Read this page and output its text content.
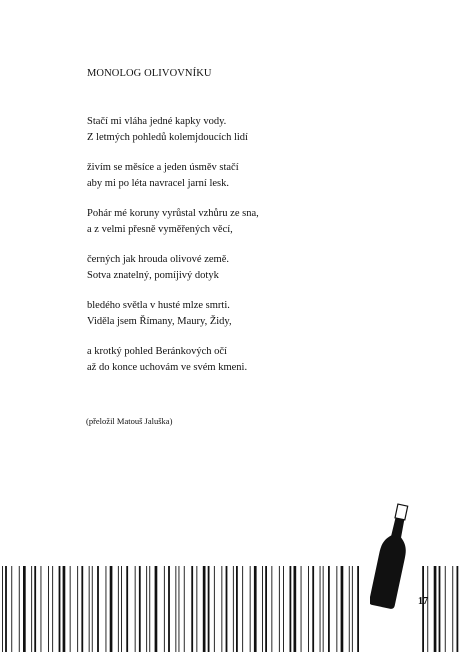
MONOLOG OLIVOVNÍKU
Stačí mi vláha jedné kapky vody.
Z letmých pohledů kolemjdoucích lidí
živím se měsíce a jeden úsměv stačí
aby mi po léta navracel jarní lesk.
Pohár mé koruny vyrůstal vzhůru ze sna,
a z velmi přesně vyměřených věcí,
černých jak hrouda olivové země.
Sotva znatelný, pomíjivý dotyk
bledého světla v husté mlze smrti.
Viděla jsem Římany, Maury, Židy,
a krotký pohled Beránkových očí
až do konce uchovám ve svém kmeni.
(přeložil Matouš Jaluška)
17
